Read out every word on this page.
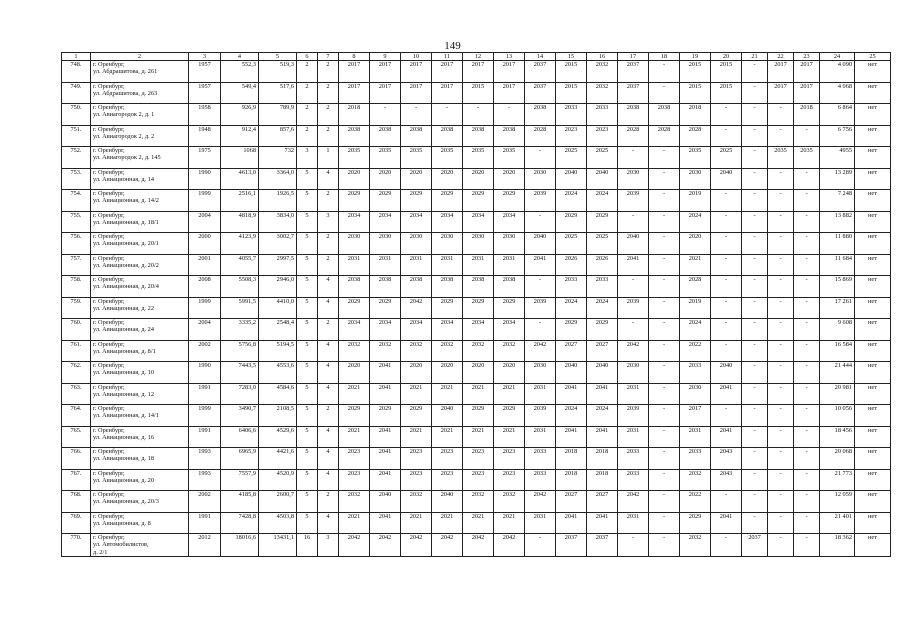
149
1	2	3	4	5	6	7	8	9	10	11	12	13	14	15	16	17	18	19	20	21	22	23	24	25
748.	г. Оренбург,
ул. Абдрашитова, д. 261	1957	552,3	519,3	2	2	2017	2017	2017	2017	2017	2017	2037	2015	2032	2037	-	2015	2015	-	2017	2017	4 090	нет
749.	г. Оренбург,
ул. Абдрашитова, д. 263	1957	549,4	517,6	2	2	2017	2017	2017	2017	2015	2017	2037	2015	2032	2037	-	2015	2015	-	2017	2017	4 068	нет
750.	г. Оренбург,
ул. Авиагородок 2, д. 1	1958	926,9	789,9	2	2	2018	-	-	-	-	-	2038	2033	2033	2038	2038	2018	-	-	-	2018	6 864	нет
751.	г. Оренбург,
ул. Авиагородок 2, д. 2	1948	912,4	857,6	2	2	2038	2038	2038	2038	2038	2038	2028	2023	2023	2028	2028	2028	-	-	-	-	6 756	нет
752.	г. Оренбург,
ул. Авиагородок 2, д. 145	1975	1068	732	3	1	2035	2035	2035	2035	2035	2035	-	2025	2025	-	-	2035	2025	-	2035	2035	4955	нет
753.	г. Оренбург,
ул. Авиационная, д. 14	1990	4613,0	3364,0	5	4	2020	2020	2020	2020	2020	2020	2030	2040	2040	2030	-	2030	2040	-	-	-	13 289	нет
754.	г. Оренбург,
ул. Авиационная, д. 14/2	1999	2516,1	1926,5	5	2	2029	2029	2029	2029	2029	2029	2039	2024	2024	2039	-	2019	-	-	-	-	7 248	нет
755.	г. Оренбург,
ул. Авиационная, д. 18/1	2004	4818,9	3834,0	5	3	2034	2034	2034	2034	2034	2034	-	2029	2029	-	-	2024	-	-	-	-	13 882	нет
756.	г. Оренбург,
ул. Авиационная, д. 20/1	2000	4123,9	3002,7	5	2	2030	2030	2030	2030	2030	2030	2040	2025	2025	2040	-	2020	-	-	-	-	11 880	нет
757.	г. Оренбург,
ул. Авиационная, д. 20/2	2001	4055,7	2997,5	5	2	2031	2031	2031	2031	2031	2031	2041	2026	2026	2041	-	2021	-	-	-	-	11 684	нет
758.	г. Оренбург,
ул. Авиационная, д. 20/4	2008	5508,3	2946,0	5	4	2038	2038	2038	2038	2038	2038	-	2033	2033	-	-	2028	-	-	-	-	15 869	нет
759.	г. Оренбург,
ул. Авиационная, д. 22	1999	5991,5	4410,0	5	4	2029	2029	2042	2029	2029	2029	2039	2024	2024	2039	-	2019	-	-	-	-	17 261	нет
760.	г. Оренбург,
ул. Авиационная, д. 24	2004	3335,2	2548,4	5	2	2034	2034	2034	2034	2034	2034	-	2029	2029	-	-	2024	-	-	-	-	9 608	нет
761.	г. Оренбург,
ул. Авиационная, д. 8/1	2002	5756,8	5194,5	5	4	2032	2032	2032	2032	2032	2032	2042	2027	2027	2042	-	2022	-	-	-	-	16 584	нет
762.	г. Оренбург,
ул. Авиационная, д. 10	1990	7443,5	4553,6	5	4	2020	2041	2020	2020	2020	2020	2030	2040	2040	2030	-	2033	2040	-	-	-	21 444	нет
763.	г. Оренбург,
ул. Авиационная, д. 12	1991	7283,0	4584,6	5	4	2021	2041	2021	2021	2021	2021	2031	2041	2041	2031	-	2030	2041	-	-	-	20 981	нет
764.	г. Оренбург,
ул. Авиационная, д. 14/1	1999	3490,7	2108,5	5	2	2029	2029	2029	2040	2029	2029	2039	2024	2024	2039	-	2017	-	-	-	-	10 056	нет
765.	г. Оренбург,
ул. Авиационная, д. 16	1991	6406,6	4529,6	5	4	2021	2041	2021	2021	2021	2021	2031	2041	2041	2031	-	2031	2041	-	-	-	18 456	нет
766.	г. Оренбург,
ул. Авиационная, д. 18	1993	6965,9	4421,6	5	4	2023	2041	2023	2023	2023	2023	2033	2018	2018	2033	-	2033	2043	-	-	-	20 068	нет
767.	г. Оренбург,
ул. Авиационная, д. 20	1993	7557,9	4520,9	5	4	2023	2041	2023	2023	2023	2023	2033	2018	2018	2033	-	2032	2043	-	-	-	21 773	нет
768.	г. Оренбург,
ул. Авиационная, д. 20/3	2002	4185,8	2600,7	5	2	2032	2040	2032	2040	2032	2032	2042	2027	2027	2042	-	2022	-	-	-	-	12 059	нет
769.	г. Оренбург,
ул. Авиационная, д. 8	1991	7428,8	4503,8	5	4	2021	2041	2021	2021	2021	2021	2031	2041	2041	2031	-	2029	2041	-	-	-	21 401	нет
770.	г. Оренбург,
ул. Автомобилистов,
д. 2/1	2012	18016,6	13431,1	16	3	2042	2042	2042	2042	2042	2042	-	2037	2037	-	-	2032	-	2037	-	-	18 362	нет
